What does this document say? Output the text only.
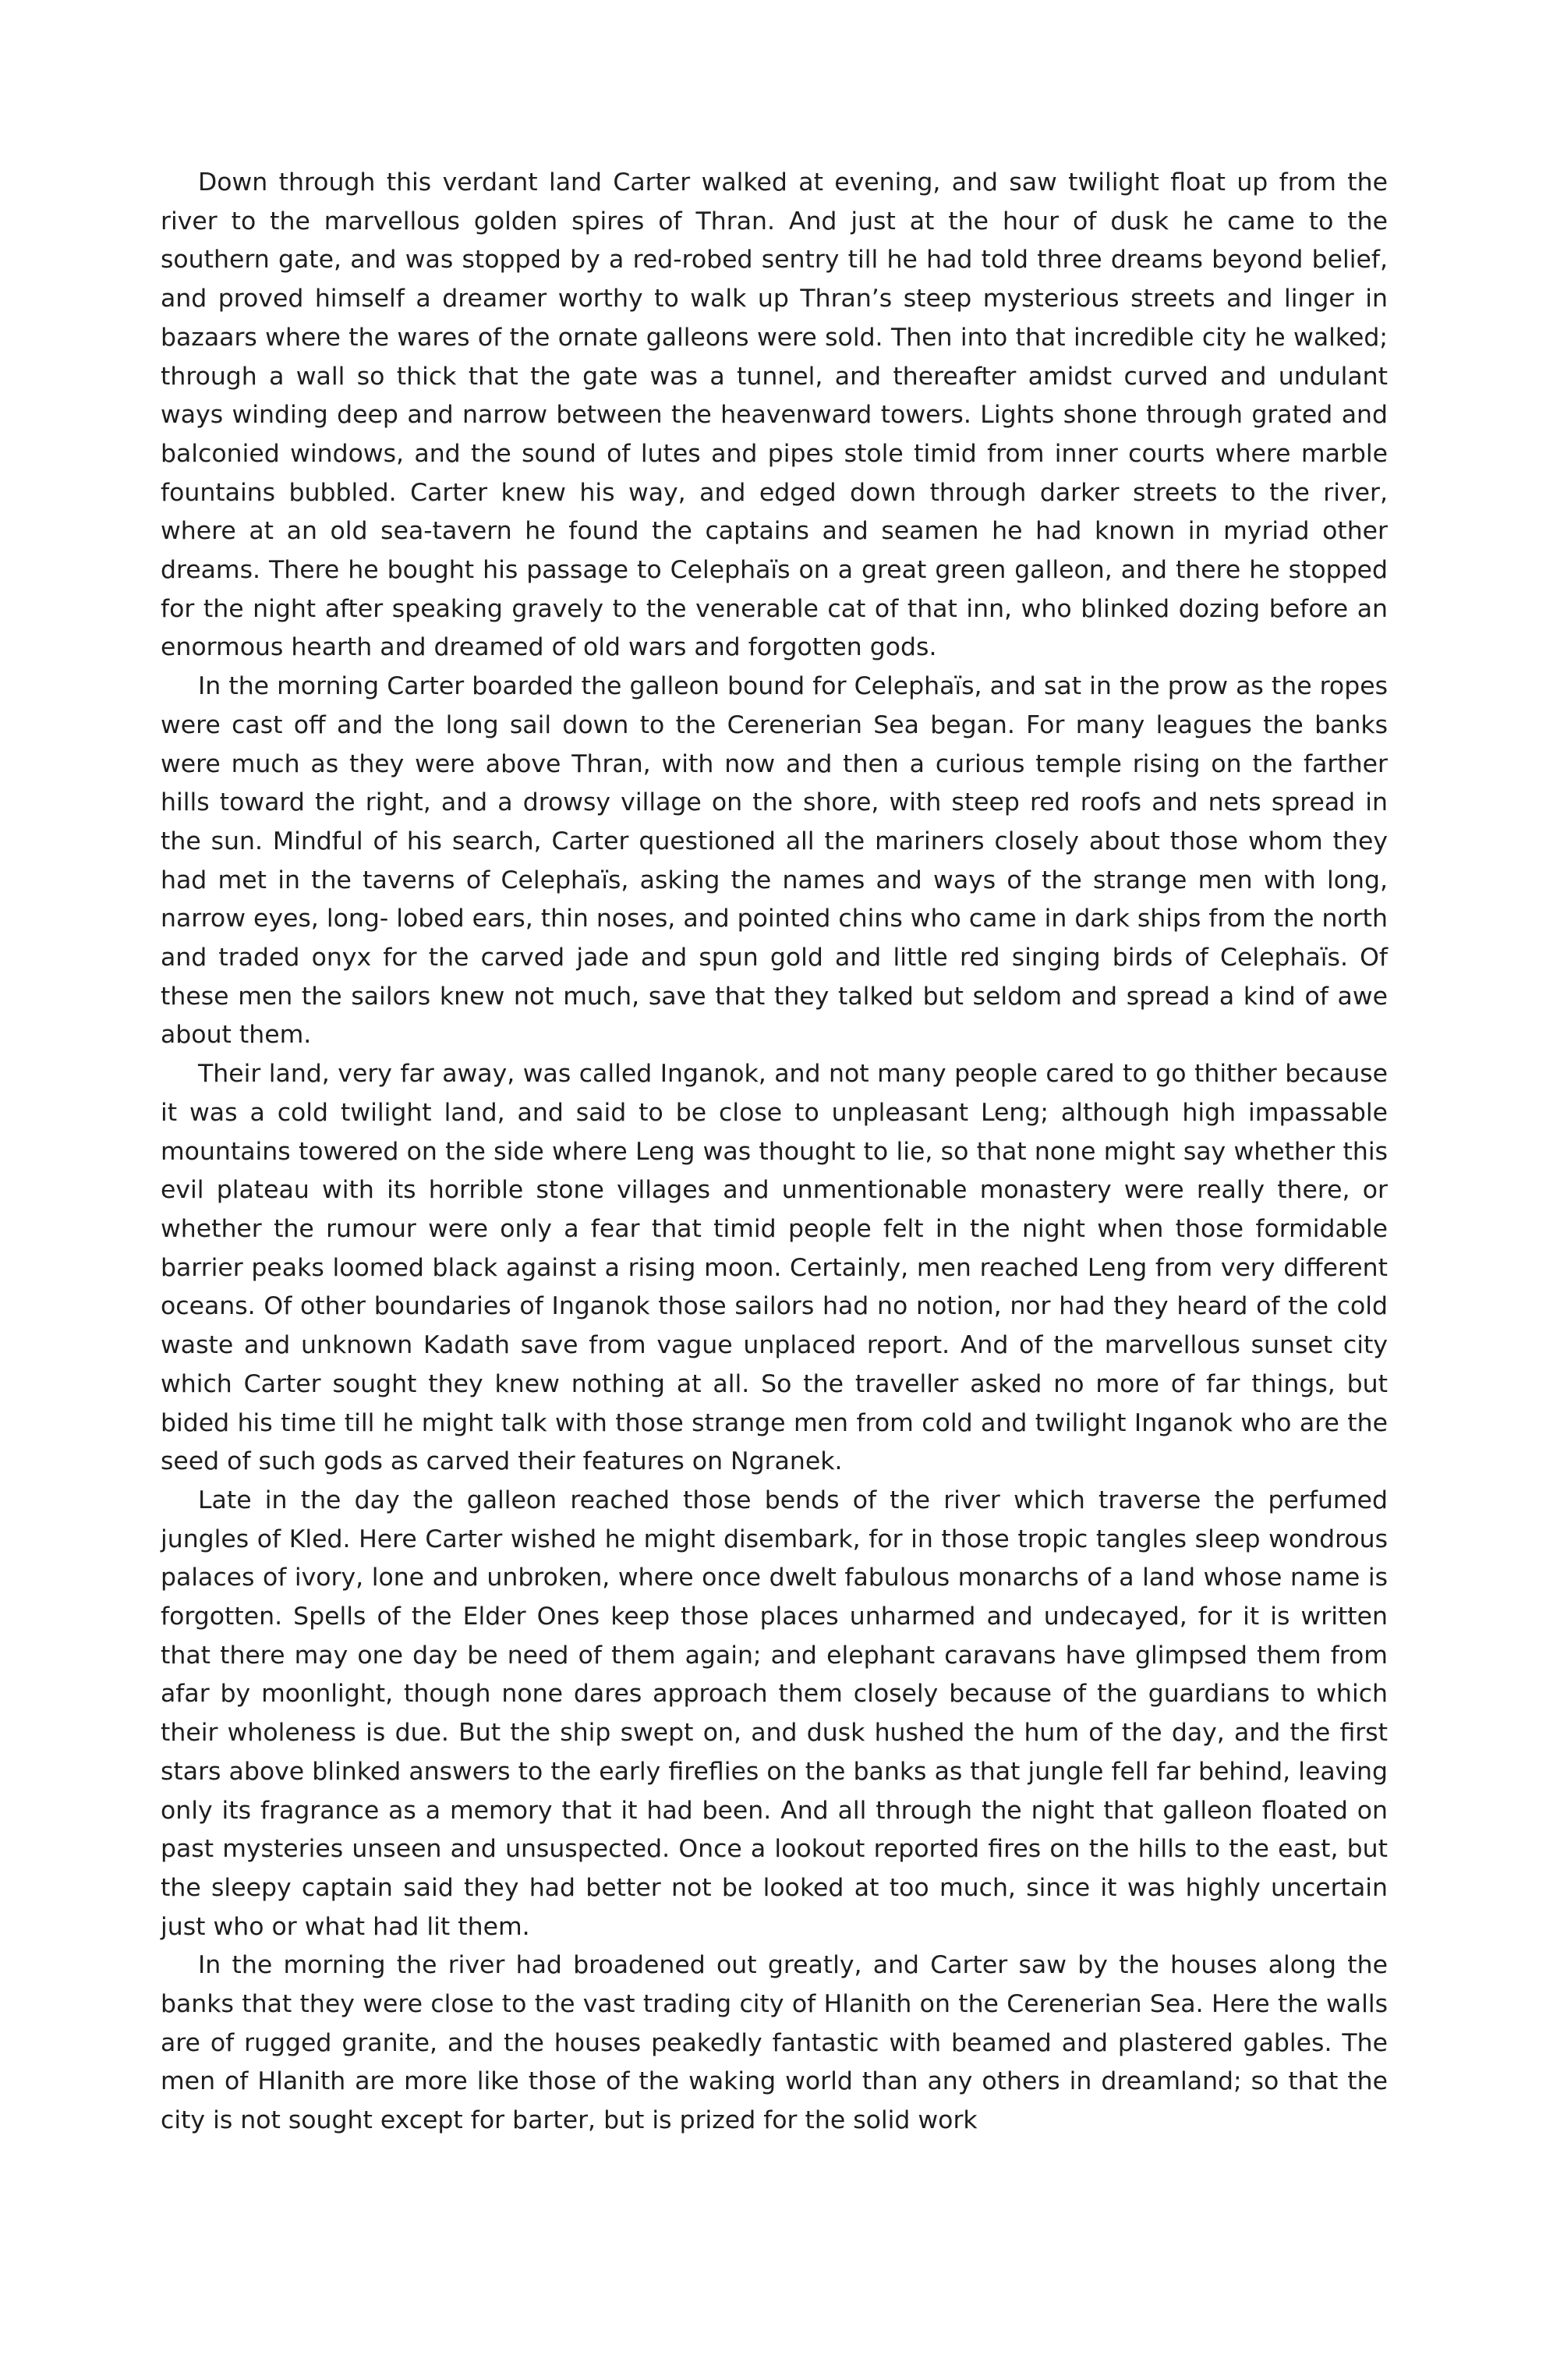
Down through this verdant land Carter walked at evening, and saw twilight float up from the river to the marvellous golden spires of Thran. And just at the hour of dusk he came to the southern gate, and was stopped by a red-robed sentry till he had told three dreams beyond belief, and proved himself a dreamer worthy to walk up Thran’s steep mysterious streets and linger in bazaars where the wares of the ornate galleons were sold. Then into that incredible city he walked; through a wall so thick that the gate was a tunnel, and thereafter amidst curved and undulant ways winding deep and narrow between the heavenward towers. Lights shone through grated and balconied windows, and the sound of lutes and pipes stole timid from inner courts where marble fountains bubbled. Carter knew his way, and edged down through darker streets to the river, where at an old sea-tavern he found the captains and seamen he had known in myriad other dreams. There he bought his passage to Celephaïs on a great green galleon, and there he stopped for the night after speaking gravely to the venerable cat of that inn, who blinked dozing before an enormous hearth and dreamed of old wars and forgotten gods.

In the morning Carter boarded the galleon bound for Celephaïs, and sat in the prow as the ropes were cast off and the long sail down to the Cerenerian Sea began. For many leagues the banks were much as they were above Thran, with now and then a curious temple rising on the farther hills toward the right, and a drowsy village on the shore, with steep red roofs and nets spread in the sun. Mindful of his search, Carter questioned all the mariners closely about those whom they had met in the taverns of Celephaïs, asking the names and ways of the strange men with long, narrow eyes, long- lobed ears, thin noses, and pointed chins who came in dark ships from the north and traded onyx for the carved jade and spun gold and little red singing birds of Celephaïs. Of these men the sailors knew not much, save that they talked but seldom and spread a kind of awe about them.

Their land, very far away, was called Inganok, and not many people cared to go thither because it was a cold twilight land, and said to be close to unpleasant Leng; although high impassable mountains towered on the side where Leng was thought to lie, so that none might say whether this evil plateau with its horrible stone villages and unmentionable monastery were really there, or whether the rumour were only a fear that timid people felt in the night when those formidable barrier peaks loomed black against a rising moon. Certainly, men reached Leng from very different oceans. Of other boundaries of Inganok those sailors had no notion, nor had they heard of the cold waste and unknown Kadath save from vague unplaced report. And of the marvellous sunset city which Carter sought they knew nothing at all. So the traveller asked no more of far things, but bided his time till he might talk with those strange men from cold and twilight Inganok who are the seed of such gods as carved their features on Ngranek.

Late in the day the galleon reached those bends of the river which traverse the perfumed jungles of Kled. Here Carter wished he might disembark, for in those tropic tangles sleep wondrous palaces of ivory, lone and unbroken, where once dwelt fabulous monarchs of a land whose name is forgotten. Spells of the Elder Ones keep those places unharmed and undecayed, for it is written that there may one day be need of them again; and elephant caravans have glimpsed them from afar by moonlight, though none dares approach them closely because of the guardians to which their wholeness is due. But the ship swept on, and dusk hushed the hum of the day, and the first stars above blinked answers to the early fireflies on the banks as that jungle fell far behind, leaving only its fragrance as a memory that it had been. And all through the night that galleon floated on past mysteries unseen and unsuspected. Once a lookout reported fires on the hills to the east, but the sleepy captain said they had better not be looked at too much, since it was highly uncertain just who or what had lit them.

In the morning the river had broadened out greatly, and Carter saw by the houses along the banks that they were close to the vast trading city of Hlanith on the Cerenerian Sea. Here the walls are of rugged granite, and the houses peakedly fantastic with beamed and plastered gables. The men of Hlanith are more like those of the waking world than any others in dreamland; so that the city is not sought except for barter, but is prized for the solid work
